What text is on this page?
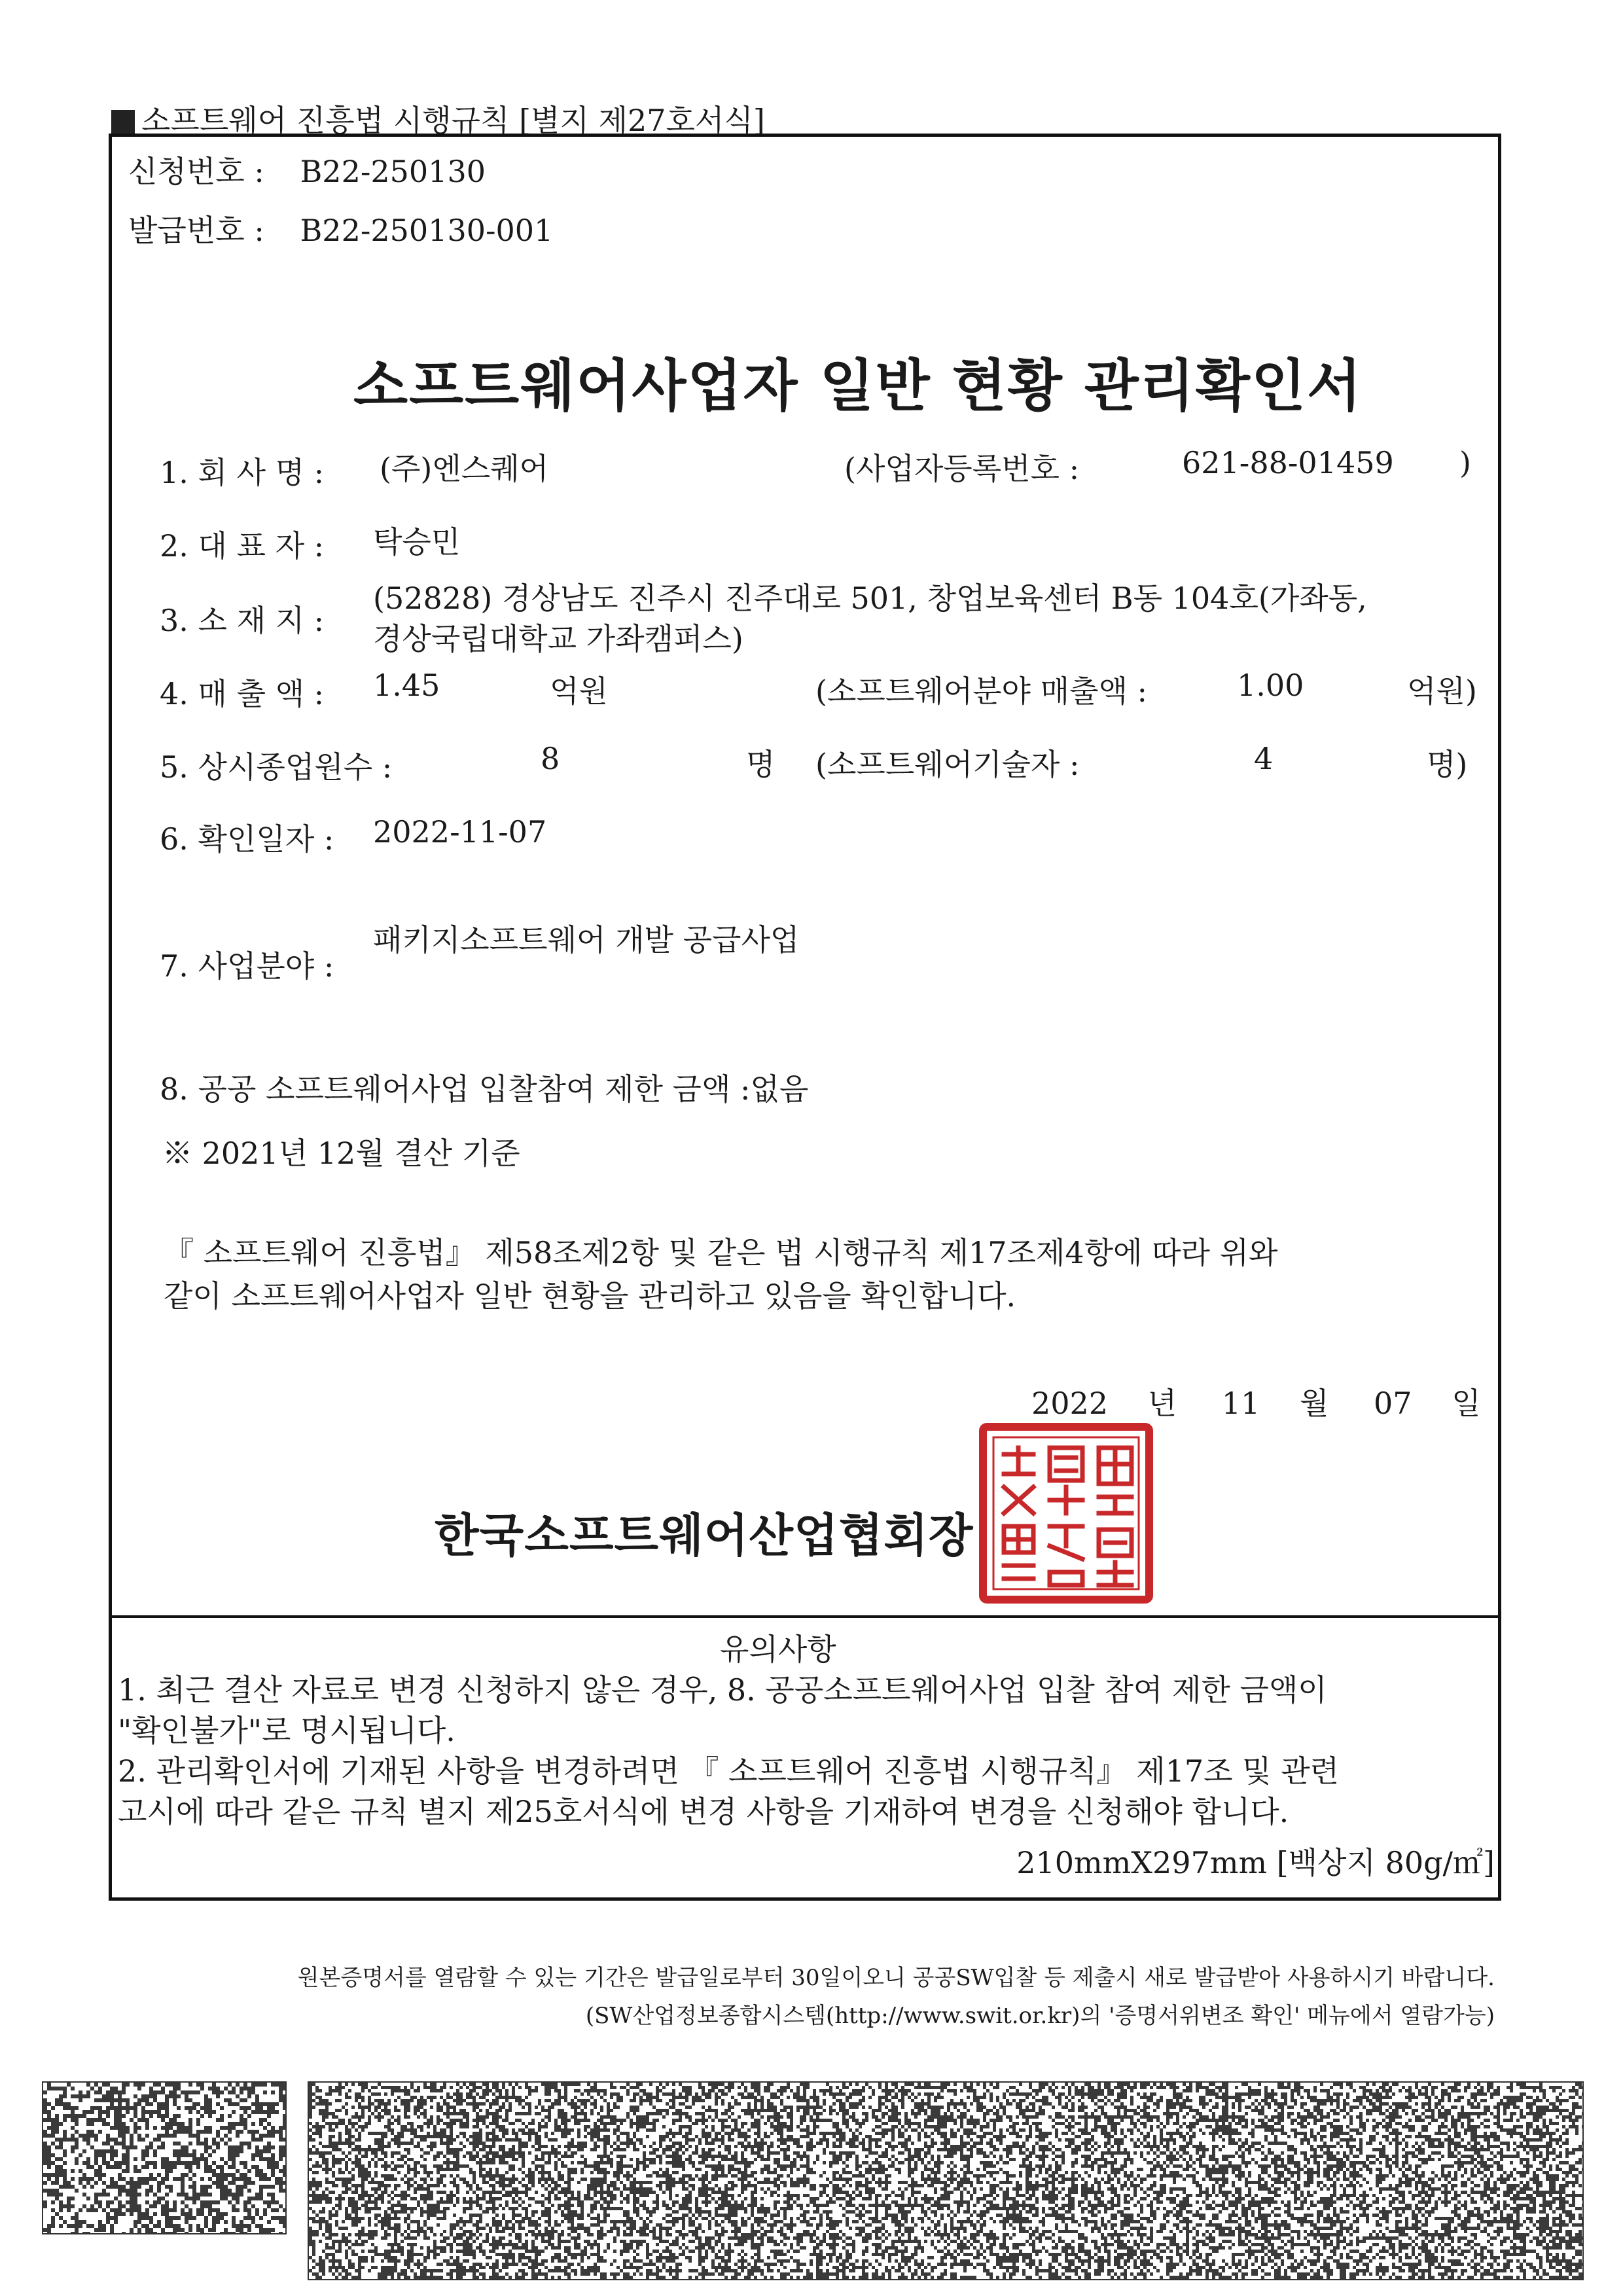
소프트웨어 진흥법 시행규칙 [별지 제27호서식]
신청번호 : B22-250130
발급번호 : B22-250130-001
소프트웨어사업자 일반 현황 관리확인서
1. 회 사 명 : (주)엔스퀘어	(사업자등록번호 :	621-88-01459 )
2. 대 표 자 : 탁승민
3. 소 재 지 :
(52828) 경상남도 진주시 진주대로 501, 창업보육센터 B동 104호(가좌동,
경상국립대학교 가좌캠퍼스)
4. 매 출 액 : 1.45	억원	(소프트웨어분야 매출액 :	1.00	억원)
5. 상시종업원수 :	8	명 (소프트웨어기술자 :	4	명)
6. 확인일자 : 2022-11-07
7. 사업분야 :
패키지소프트웨어 개발 공급사업
8. 공공 소프트웨어사업 입찰참여 제한 금액 :없음
※ 2021년 12월 결산 기준
『 소프트웨어 진흥법』 제58조제2항 및 같은 법 시행규칙 제17조제4항에 따라 위와
같이 소프트웨어사업자 일반 현황을 관리하고 있음을 확인합니다.
2022 년 11 월 07 일
한국소프트웨어산업협회장
유의사항
1. 최근 결산 자료로 변경 신청하지 않은 경우, 8. 공공소프트웨어사업 입찰 참여 제한 금액이
"확인불가"로 명시됩니다.
2. 관리확인서에 기재된 사항을 변경하려면 『 소프트웨어 진흥법 시행규칙』 제17조 및 관련
고시에 따라 같은 규칙 별지 제25호서식에 변경 사항을 기재하여 변경을 신청해야 합니다.
210mmX297mm [백상지 80g/㎡]
원본증명서를 열람할 수 있는 기간은 발급일로부터 30일이오니 공공SW입찰 등 제출시 새로 발급받아 사용하시기 바랍니다.
(SW산업정보종합시스템(http://www.swit.or.kr)의 '증명서위변조 확인' 메뉴에서 열람가능)
